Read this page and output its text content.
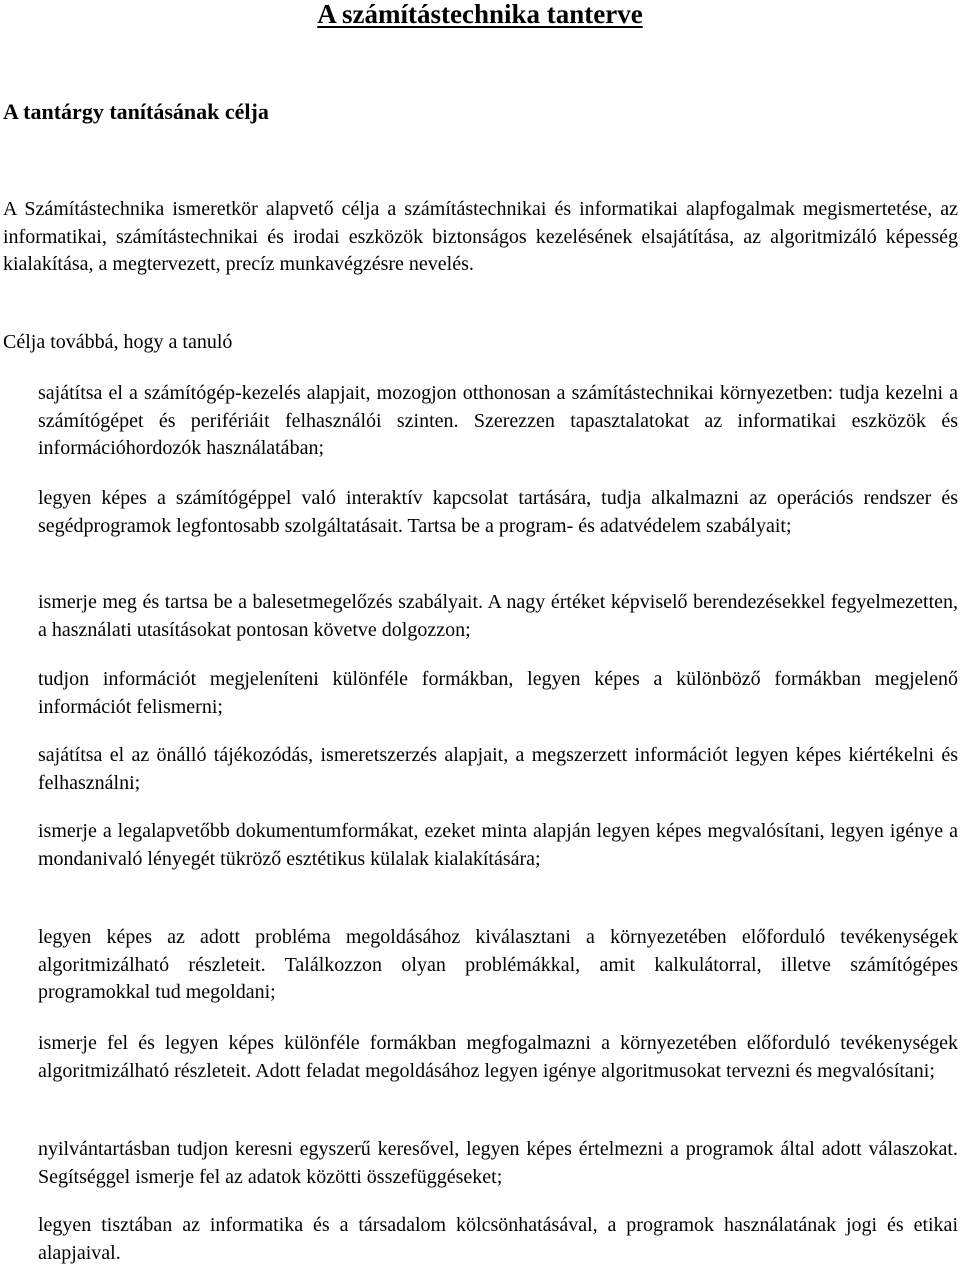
A számítástechnika tanterve
A tantárgy tanításának célja

A Számítástechnika ismeretkör alapvető célja a számítástechnikai és informatikai alapfogalmak megismertetése, az informatikai, számítástechnikai és irodai eszközök biztonságos kezelésének elsajátítása, az algoritmizáló képesség kialakítása, a megtervezett, precíz munkavégzésre nevelés.

Célja továbbá, hogy a tanuló

sajátítsa el a számítógép-kezelés alapjait, mozogjon otthonosan a számítástechnikai környezetben: tudja kezelni a számítógépet és perifériáit felhasználói szinten. Szerezzen tapasztalatokat az informatikai eszközök és információhordozók használatában;

legyen képes a számítógéppel való interaktív kapcsolat tartására, tudja alkalmazni az operációs rendszer és segédprogramok legfontosabb szolgáltatásait. Tartsa be a program- és adatvédelem szabályait;

ismerje meg és tartsa be a balesetmegelőzés szabályait. A nagy értéket képviselő berendezésekkel fegyelmezetten, a használati utasításokat pontosan követve dolgozzon;

tudjon információt megjeleníteni különféle formákban, legyen képes a különböző formákban megjelenő információt felismerni;

sajátítsa el az önálló tájékozódás, ismeretszerzés alapjait, a megszerzett információt legyen képes kiértékelni és felhasználni;

ismerje a legalapvetőbb dokumentumformákat, ezeket minta alapján legyen képes megvalósítani, legyen igénye a mondanivaló lényegét tükröző esztétikus külalak kialakítására;

legyen képes az adott probléma megoldásához kiválasztani a környezetében előforduló tevékenységek algoritmizálható részleteit. Találkozzon olyan problémákkal, amit kalkulátorral, illetve számítógépes programokkal tud megoldani;

ismerje fel és legyen képes különféle formákban megfogalmazni a környezetében előforduló tevékenységek algoritmizálható részleteit. Adott feladat megoldásához legyen igénye algoritmusokat tervezni és megvalósítani;

nyilvántartásban tudjon keresni egyszerű keresővel, legyen képes értelmezni a programok által adott válaszokat. Segítséggel ismerje fel az adatok közötti összefüggéseket;

legyen tisztában az informatika és a társadalom kölcsönhatásával, a programok használatának jogi és etikai alapjaival.
